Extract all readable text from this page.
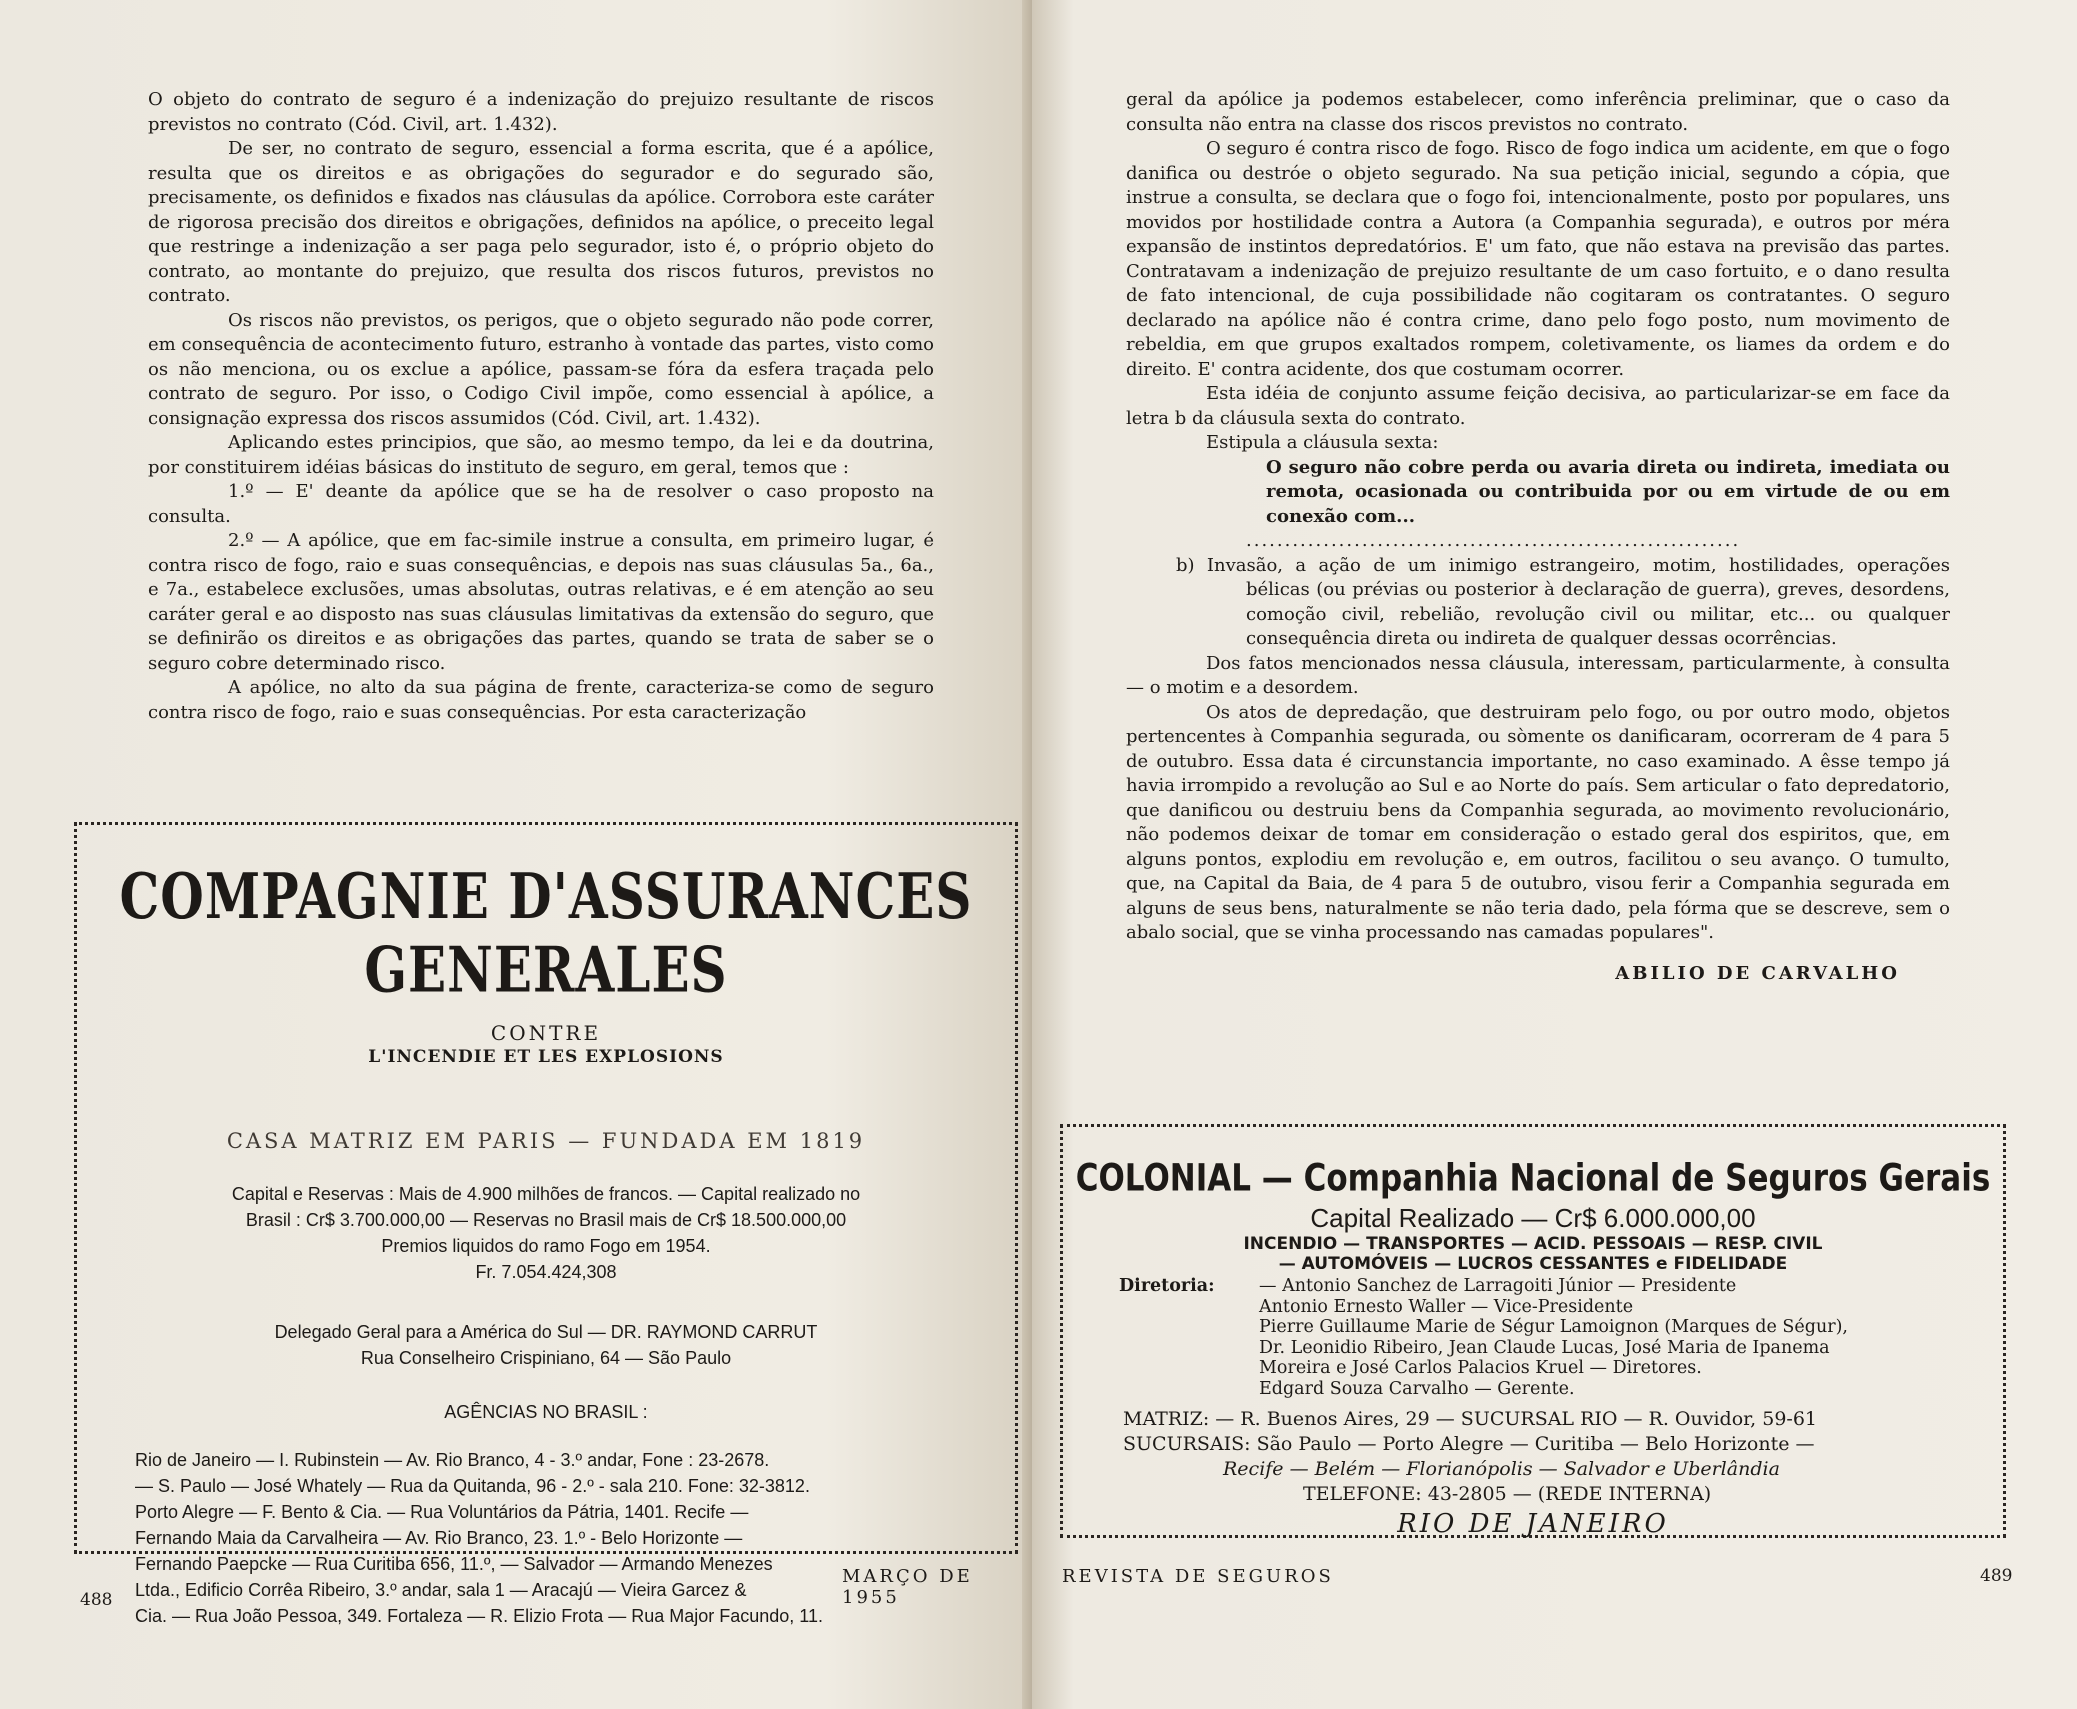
O objeto do contrato de seguro é a indenização do prejuizo resultante de riscos previstos no contrato (Cód. Civil, art. 1.432).

De ser, no contrato de seguro, essencial a forma escrita, que é a apólice, resulta que os direitos e as obrigações do segurador e do segurado são, precisamente, os definidos e fixados nas cláusulas da apólice. Corrobora este caráter de rigorosa precisão dos direitos e obrigações, definidos na apólice, o preceito legal que restringe a indenização a ser paga pelo segurador, isto é, o próprio objeto do contrato, ao montante do prejuizo, que resulta dos riscos futuros, previstos no contrato.

Os riscos não previstos, os perigos, que o objeto segurado não pode correr, em consequência de acontecimento futuro, estranho à vontade das partes, visto como os não menciona, ou os exclue a apólice, passam-se fóra da esfera traçada pelo contrato de seguro. Por isso, o Codigo Civil impõe, como essencial à apólice, a consignação expressa dos riscos assumidos (Cód. Civil, art. 1.432).

Aplicando estes principios, que são, ao mesmo tempo, da lei e da doutrina, por constituirem idéias básicas do instituto de seguro, em geral, temos que :

1.º — E' deante da apólice que se ha de resolver o caso proposto na consulta.

2.º — A apólice, que em fac-simile instrue a consulta, em primeiro lugar, é contra risco de fogo, raio e suas consequências, e depois nas suas cláusulas 5a., 6a., e 7a., estabelece exclusões, umas absolutas, outras relativas, e é em atenção ao seu caráter geral e ao disposto nas suas cláusulas limitativas da extensão do seguro, que se definirão os direitos e as obrigações das partes, quando se trata de saber se o seguro cobre determinado risco.

A apólice, no alto da sua página de frente, caracteriza-se como de seguro contra risco de fogo, raio e suas consequências. Por esta caracterização

COMPAGNIE D'ASSURANCES GENERALES
CONTRE
L'INCENDIE ET LES EXPLOSIONS
CASA MATRIZ EM PARIS — FUNDADA EM 1819
Capital e Reservas : Mais de 4.900 milhões de francos. — Capital realizado no
Brasil : Cr$ 3.700.000,00 — Reservas no Brasil mais de Cr$ 18.500.000,00
Premios liquidos do ramo Fogo em 1954.
Fr. 7.054.424,308
Delegado Geral para a América do Sul — DR. RAYMOND CARRUT
Rua Conselheiro Crispiniano, 64 — São Paulo
AGÊNCIAS NO BRASIL :
Rio de Janeiro — I. Rubinstein — Av. Rio Branco, 4 - 3.º andar, Fone : 23-2678.
— S. Paulo — José Whately — Rua da Quitanda, 96 - 2.º - sala 210. Fone: 32-3812.
Porto Alegre — F. Bento & Cia. — Rua Voluntários da Pátria, 1401. Recife —
Fernando Maia da Carvalheira — Av. Rio Branco, 23. 1.º - Belo Horizonte —
Fernando Paepcke — Rua Curitiba 656, 11.º, — Salvador — Armando Menezes
Ltda., Edificio Corrêa Ribeiro, 3.º andar, sala 1 — Aracajú — Vieira Garcez &
Cia. — Rua João Pessoa, 349. Fortaleza — R. Elizio Frota — Rua Major Facundo, 11.
488
MARÇO DE 1955

geral da apólice ja podemos estabelecer, como inferência preliminar, que o caso da consulta não entra na classe dos riscos previstos no contrato.

O seguro é contra risco de fogo. Risco de fogo indica um acidente, em que o fogo danifica ou destróe o objeto segurado. Na sua petição inicial, segundo a cópia, que instrue a consulta, se declara que o fogo foi, intencionalmente, posto por populares, uns movidos por hostilidade contra a Autora (a Companhia segurada), e outros por méra expansão de instintos depredatórios. E' um fato, que não estava na previsão das partes. Contratavam a indenização de prejuizo resultante de um caso fortuito, e o dano resulta de fato intencional, de cuja possibilidade não cogitaram os contratantes. O seguro declarado na apólice não é contra crime, dano pelo fogo posto, num movimento de rebeldia, em que grupos exaltados rompem, coletivamente, os liames da ordem e do direito. E' contra acidente, dos que costumam ocorrer.

Esta idéia de conjunto assume feição decisiva, ao particularizar-se em face da letra b da cláusula sexta do contrato.

Estipula a cláusula sexta:

O seguro não cobre perda ou avaria direta ou indireta, imediata ou remota, ocasionada ou contribuida por ou em virtude de ou em conexão com...

................................................................

b) Invasão, a ação de um inimigo estrangeiro, motim, hostilidades, operações bélicas (ou prévias ou posterior à declaração de guerra), greves, desordens, comoção civil, rebelião, revolução civil ou militar, etc... ou qualquer consequência direta ou indireta de qualquer dessas ocorrências.

Dos fatos mencionados nessa cláusula, interessam, particularmente, à consulta — o motim e a desordem.

Os atos de depredação, que destruiram pelo fogo, ou por outro modo, objetos pertencentes à Companhia segurada, ou sòmente os danificaram, ocorreram de 4 para 5 de outubro. Essa data é circunstancia importante, no caso examinado. A êsse tempo já havia irrompido a revolução ao Sul e ao Norte do país. Sem articular o fato depredatorio, que danificou ou destruiu bens da Companhia segurada, ao movimento revolucionário, não podemos deixar de tomar em consideração o estado geral dos espiritos, que, em alguns pontos, explodiu em revolução e, em outros, facilitou o seu avanço. O tumulto, que, na Capital da Baia, de 4 para 5 de outubro, visou ferir a Companhia segurada em alguns de seus bens, naturalmente se não teria dado, pela fórma que se descreve, sem o abalo social, que se vinha processando nas camadas populares".

ABILIO DE CARVALHO

COLONIAL — Companhia Nacional de Seguros Gerais
Capital Realizado — Cr$ 6.000.000,00
INCENDIO — TRANSPORTES — ACID. PESSOAIS — RESP. CIVIL
— AUTOMÓVEIS — LUCROS CESSANTES e FIDELIDADE
Diretoria:	— Antonio Sanchez de Larragoiti Júnior — Presidente
Antonio Ernesto Waller — Vice-Presidente
Pierre Guillaume Marie de Ségur Lamoignon (Marques de Ségur),
Dr. Leonidio Ribeiro, Jean Claude Lucas, José Maria de Ipanema
Moreira e José Carlos Palacios Kruel — Diretores.
Edgard Souza Carvalho — Gerente.
MATRIZ: — R. Buenos Aires, 29 — SUCURSAL RIO — R. Ouvidor, 59-61
SUCURSAIS: São Paulo — Porto Alegre — Curitiba — Belo Horizonte —
Recife — Belém — Florianópolis — Salvador e Uberlândia
TELEFONE: 43-2805 — (REDE INTERNA)
RIO DE JANEIRO
REVISTA DE SEGUROS	489
